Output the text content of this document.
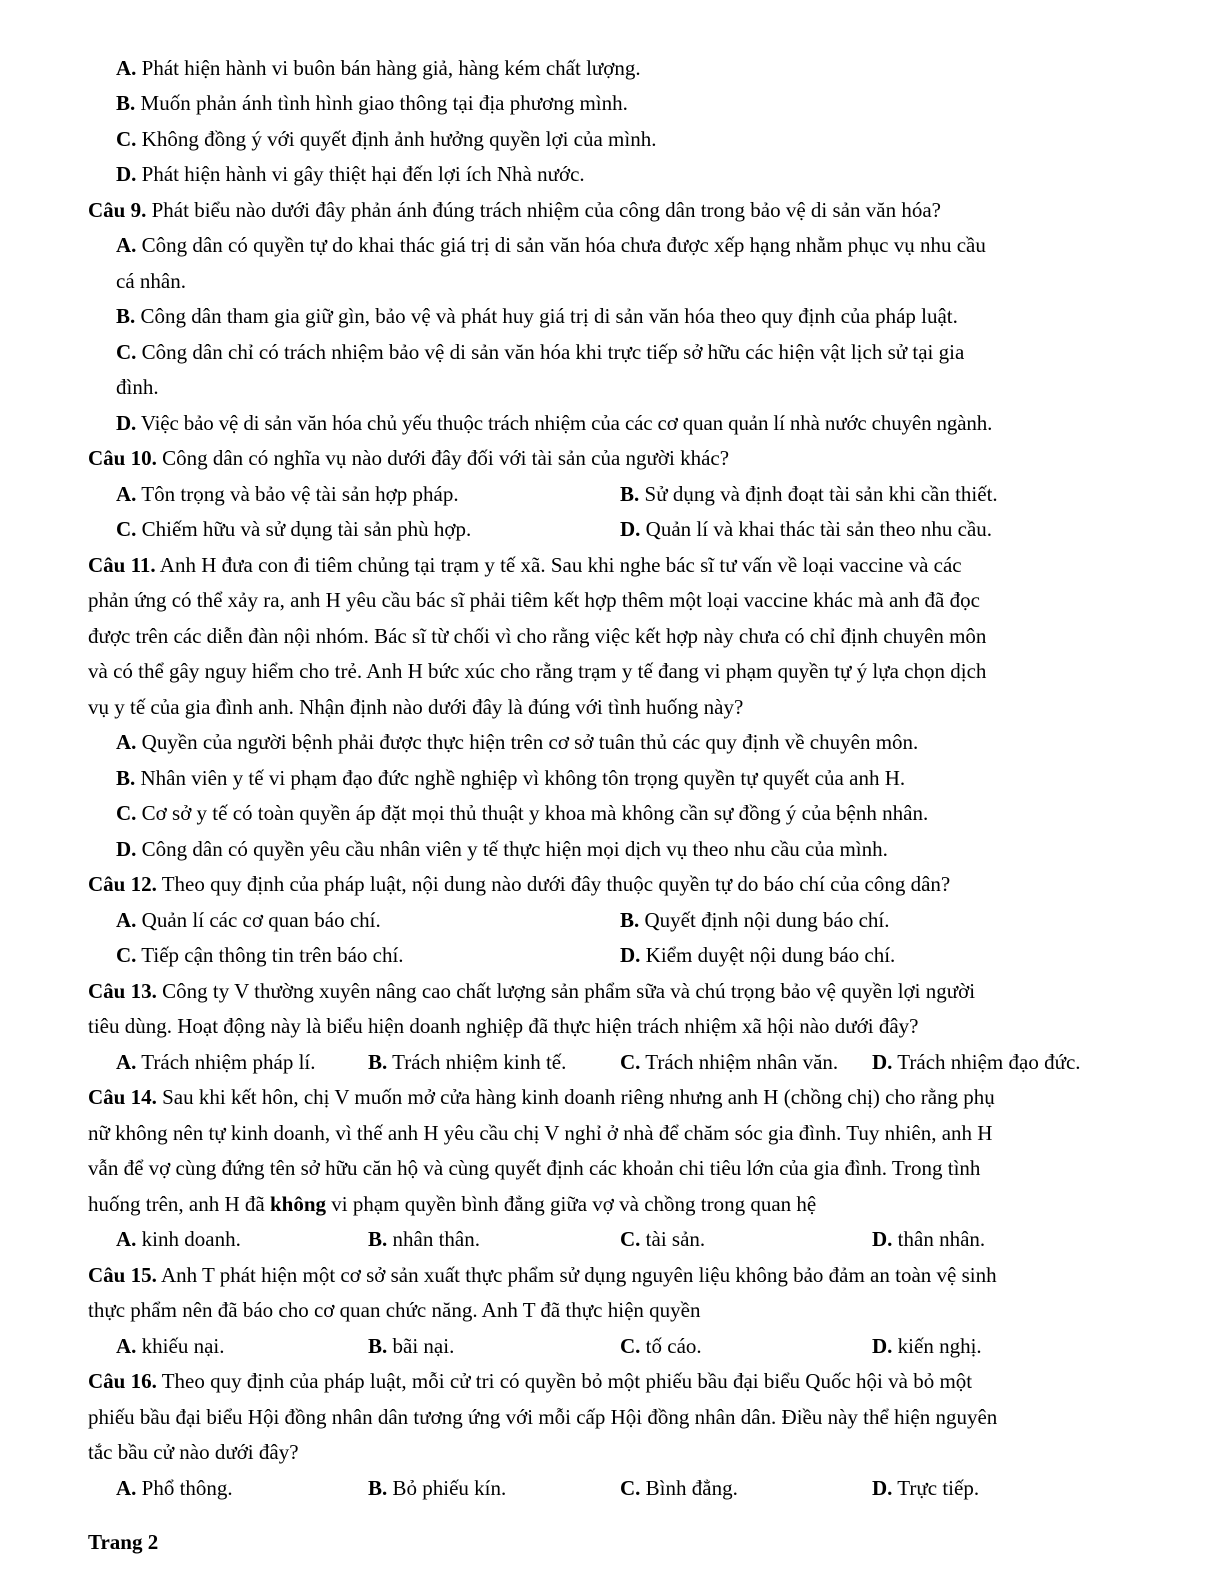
A. Phát hiện hành vi buôn bán hàng giả, hàng kém chất lượng.
B. Muốn phản ánh tình hình giao thông tại địa phương mình.
C. Không đồng ý với quyết định ảnh hưởng quyền lợi của mình.
D. Phát hiện hành vi gây thiệt hại đến lợi ích Nhà nước.
Câu 9. Phát biểu nào dưới đây phản ánh đúng trách nhiệm của công dân trong bảo vệ di sản văn hóa?
A. Công dân có quyền tự do khai thác giá trị di sản văn hóa chưa được xếp hạng nhằm phục vụ nhu cầu
cá nhân.
B. Công dân tham gia giữ gìn, bảo vệ và phát huy giá trị di sản văn hóa theo quy định của pháp luật.
C. Công dân chỉ có trách nhiệm bảo vệ di sản văn hóa khi trực tiếp sở hữu các hiện vật lịch sử tại gia
đình.
D. Việc bảo vệ di sản văn hóa chủ yếu thuộc trách nhiệm của các cơ quan quản lí nhà nước chuyên ngành.
Câu 10. Công dân có nghĩa vụ nào dưới đây đối với tài sản của người khác?
A. Tôn trọng và bảo vệ tài sản hợp pháp.	B. Sử dụng và định đoạt tài sản khi cần thiết.
C. Chiếm hữu và sử dụng tài sản phù hợp.	D. Quản lí và khai thác tài sản theo nhu cầu.
Câu 11. Anh H đưa con đi tiêm chủng tại trạm y tế xã. Sau khi nghe bác sĩ tư vấn về loại vaccine và các
phản ứng có thể xảy ra, anh H yêu cầu bác sĩ phải tiêm kết hợp thêm một loại vaccine khác mà anh đã đọc
được trên các diễn đàn nội nhóm. Bác sĩ từ chối vì cho rằng việc kết hợp này chưa có chỉ định chuyên môn
và có thể gây nguy hiểm cho trẻ. Anh H bức xúc cho rằng trạm y tế đang vi phạm quyền tự ý lựa chọn dịch
vụ y tế của gia đình anh. Nhận định nào dưới đây là đúng với tình huống này?
A. Quyền của người bệnh phải được thực hiện trên cơ sở tuân thủ các quy định về chuyên môn.
B. Nhân viên y tế vi phạm đạo đức nghề nghiệp vì không tôn trọng quyền tự quyết của anh H.
C. Cơ sở y tế có toàn quyền áp đặt mọi thủ thuật y khoa mà không cần sự đồng ý của bệnh nhân.
D. Công dân có quyền yêu cầu nhân viên y tế thực hiện mọi dịch vụ theo nhu cầu của mình.
Câu 12. Theo quy định của pháp luật, nội dung nào dưới đây thuộc quyền tự do báo chí của công dân?
A. Quản lí các cơ quan báo chí.	B. Quyết định nội dung báo chí.
C. Tiếp cận thông tin trên báo chí.	D. Kiểm duyệt nội dung báo chí.
Câu 13. Công ty V thường xuyên nâng cao chất lượng sản phẩm sữa và chú trọng bảo vệ quyền lợi người
tiêu dùng. Hoạt động này là biểu hiện doanh nghiệp đã thực hiện trách nhiệm xã hội nào dưới đây?
A. Trách nhiệm pháp lí. B. Trách nhiệm kinh tế.	C. Trách nhiệm nhân văn. D. Trách nhiệm đạo đức.
Câu 14. Sau khi kết hôn, chị V muốn mở cửa hàng kinh doanh riêng nhưng anh H (chồng chị) cho rằng phụ
nữ không nên tự kinh doanh, vì thế anh H yêu cầu chị V nghỉ ở nhà để chăm sóc gia đình. Tuy nhiên, anh H
vẫn để vợ cùng đứng tên sở hữu căn hộ và cùng quyết định các khoản chi tiêu lớn của gia đình. Trong tình
huống trên, anh H đã không vi phạm quyền bình đẳng giữa vợ và chồng trong quan hệ
A. kinh doanh.	B. nhân thân.	C. tài sản.	D. thân nhân.
Câu 15. Anh T phát hiện một cơ sở sản xuất thực phẩm sử dụng nguyên liệu không bảo đảm an toàn vệ sinh
thực phẩm nên đã báo cho cơ quan chức năng. Anh T đã thực hiện quyền
A. khiếu nại.	B. bãi nại.	C. tố cáo.	D. kiến nghị.
Câu 16. Theo quy định của pháp luật, mỗi cử tri có quyền bỏ một phiếu bầu đại biểu Quốc hội và bỏ một
phiếu bầu đại biểu Hội đồng nhân dân tương ứng với mỗi cấp Hội đồng nhân dân. Điều này thể hiện nguyên
tắc bầu cử nào dưới đây?
A. Phổ thông.	B. Bỏ phiếu kín.	C. Bình đẳng.	D. Trực tiếp.
Trang 2
